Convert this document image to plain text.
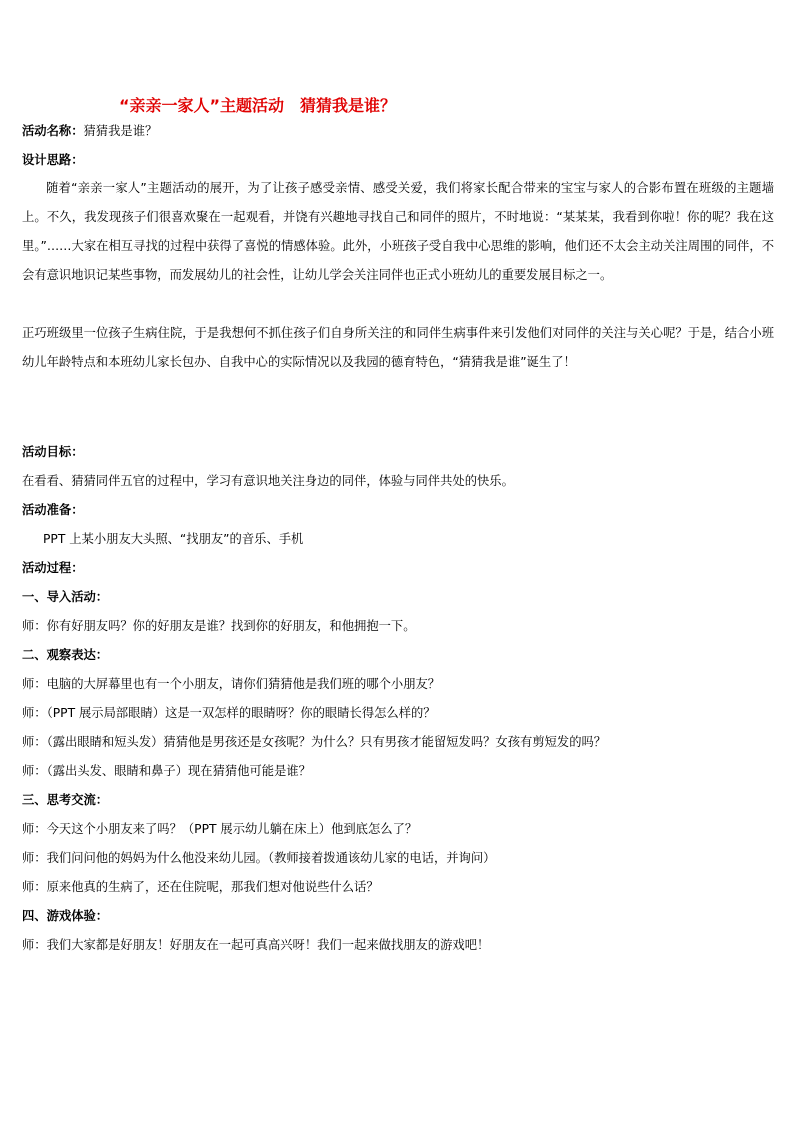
“亲亲一家人”主题活动　猜猜我是谁？
活动名称：猜猜我是谁？
设计思路：
随着“亲亲一家人”主题活动的展开，为了让孩子感受亲情、感受关爱，我们将家长配合带来的宝宝与家人的合影布置在班级的主题墙上。不久，我发现孩子们很喜欢聚在一起观看，并饶有兴趣地寻找自己和同伴的照片，不时地说：“某某某，我看到你啦！你的呢？我在这里。”……大家在相互寻找的过程中获得了喜悦的情感体验。此外，小班孩子受自我中心思维的影响，他们还不太会主动关注周围的同伴，不会有意识地识记某些事物，而发展幼儿的社会性，让幼儿学会关注同伴也正式小班幼儿的重要发展目标之一。
正巧班级里一位孩子生病住院，于是我想何不抓住孩子们自身所关注的和同伴生病事件来引发他们对同伴的关注与关心呢？于是，结合小班幼儿年龄特点和本班幼儿家长包办、自我中心的实际情况以及我园的德育特色，“猜猜我是谁”诞生了！
活动目标：
在看看、猜猜同伴五官的过程中，学习有意识地关注身边的同伴，体验与同伴共处的快乐。
活动准备：
PPT 上某小朋友大头照、“找朋友”的音乐、手机
活动过程：
一、导入活动：
师：你有好朋友吗？你的好朋友是谁？找到你的好朋友，和他拥抱一下。
二、观察表达：
师：电脑的大屏幕里也有一个小朋友，请你们猜猜他是我们班的哪个小朋友？
师：（PPT 展示局部眼睛）这是一双怎样的眼睛呀？你的眼睛长得怎么样的？
师：（露出眼睛和短头发）猜猜他是男孩还是女孩呢？为什么？只有男孩才能留短发吗？女孩有剪短发的吗？
师：（露出头发、眼睛和鼻子）现在猜猜他可能是谁？
三、思考交流：
师：今天这个小朋友来了吗？（PPT 展示幼儿躺在床上）他到底怎么了？
师：我们问问他的妈妈为什么他没来幼儿园。（教师接着拨通该幼儿家的电话，并询问）
师：原来他真的生病了，还在住院呢，那我们想对他说些什么话？
四、游戏体验：
师：我们大家都是好朋友！好朋友在一起可真高兴呀！我们一起来做找朋友的游戏吧！
